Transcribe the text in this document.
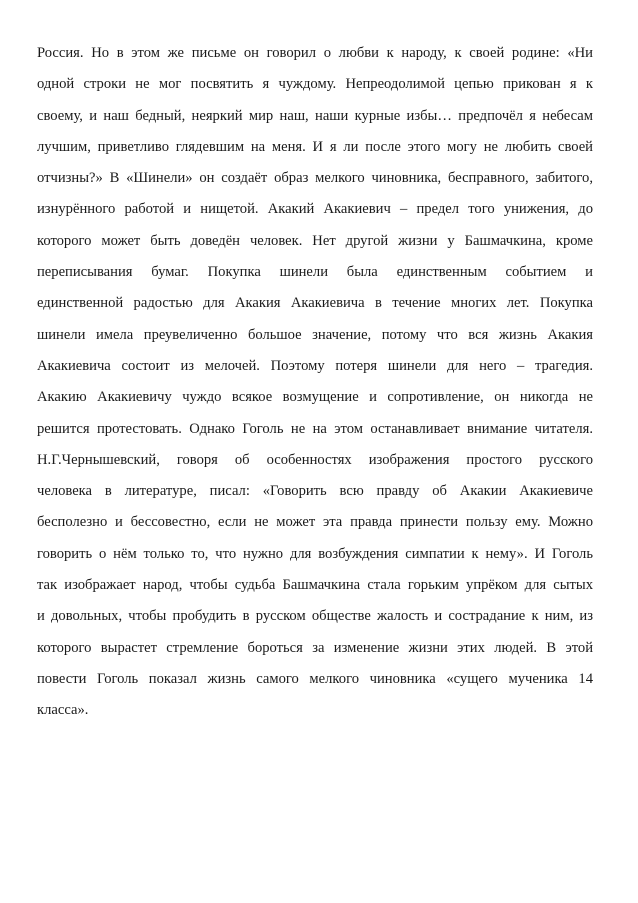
Россия. Но в этом же письме он говорил о любви к народу, к своей родине: «Ни
одной строки не мог посвятить я чуждому. Непреодолимой цепью прикован я к
своему, и наш бедный, неяркий мир наш, наши курные избы… предпочёл я небесам
лучшим, приветливо глядевшим на меня. И я ли после этого могу не любить своей
отчизны?» В «Шинели» он создаёт образ мелкого чиновника, бесправного, забитого,
изнурённого работой и нищетой. Акакий Акакиевич – предел того унижения, до
которого может быть доведён человек. Нет другой жизни у Башмачкина, кроме
переписывания бумаг. Покупка шинели была единственным событием и
единственной радостью для Акакия Акакиевича в течение многих лет. Покупка
шинели имела преувеличенно большое значение, потому что вся жизнь Акакия
Акакиевича состоит из мелочей. Поэтому потеря шинели для него – трагедия.
Акакию Акакиевичу чуждо всякое возмущение и сопротивление, он никогда не
решится протестовать. Однако Гоголь не на этом останавливает внимание читателя.
Н.Г.Чернышевский, говоря об особенностях изображения простого русского
человека в литературе, писал: «Говорить всю правду об Акакии Акакиевиче
бесполезно и бессовестно, если не может эта правда принести пользу ему. Можно
говорить о нём только то, что нужно для возбуждения симпатии к нему». И Гоголь
так изображает народ, чтобы судьба Башмачкина стала горьким упрёком для сытых
и довольных, чтобы пробудить в русском обществе жалость и сострадание к ним, из
которого вырастет стремление бороться за изменение жизни этих людей. В этой
повести Гоголь показал жизнь самого мелкого чиновника «сущего мученика 14
класса».
